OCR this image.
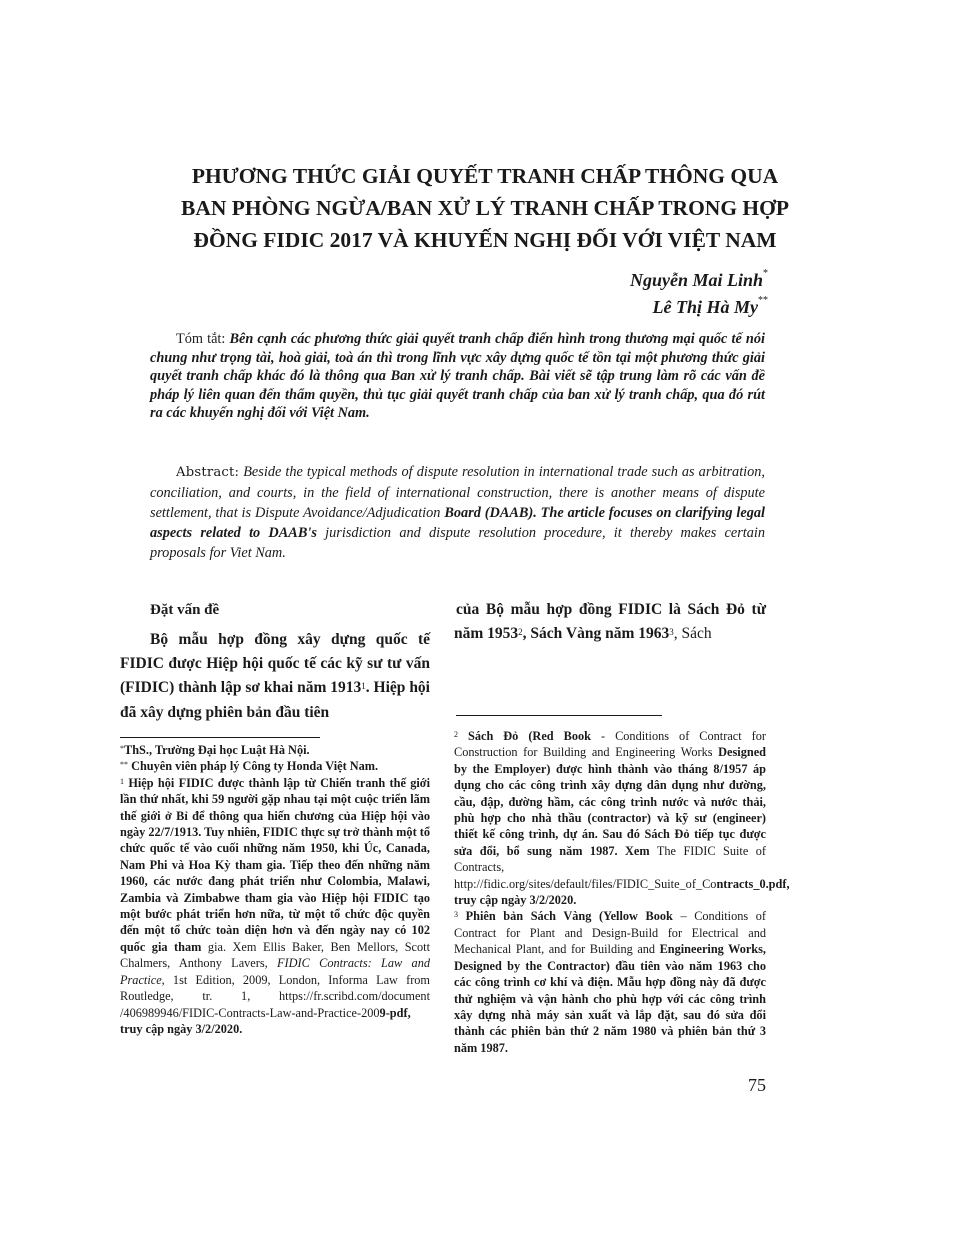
PHƯƠNG THỨC GIẢI QUYẾT TRANH CHẤP THÔNG QUA
BAN PHÒNG NGỪA/BAN XỬ LÝ TRANH CHẤP TRONG HỢP
ĐỒNG FIDIC 2017 VÀ KHUYẾN NGHỊ ĐỐI VỚI VIỆT NAM
Nguyễn Mai Linh*
Lê Thị Hà My**
Tóm tắt: Bên cạnh các phương thức giải quyết tranh chấp điển hình trong thương mại quốc tế nói chung như trọng tài, hoà giải, toà án thì trong lĩnh vực xây dựng quốc tế tồn tại một phương thức giải quyết tranh chấp khác đó là thông qua Ban xử lý tranh chấp. Bài viết sẽ tập trung làm rõ các vấn đề pháp lý liên quan đến thẩm quyền, thủ tục giải quyết tranh chấp của ban xử lý tranh chấp, qua đó rút ra các khuyến nghị đối với Việt Nam.
Abstract: Beside the typical methods of dispute resolution in international trade such as arbitration, conciliation, and courts, in the field of international construction, there is another means of dispute settlement, that is Dispute Avoidance/Adjudication Board (DAAB). The article focuses on clarifying legal aspects related to DAAB's jurisdiction and dispute resolution procedure, it thereby makes certain proposals for Viet Nam.
Đặt vấn đề
Bộ mẫu hợp đồng xây dựng quốc tế FIDIC được Hiệp hội quốc tế các kỹ sư tư vấn (FIDIC) thành lập sơ khai năm 1913$^1$. Hiệp hội đã xây dựng phiên bản đầu tiên
của Bộ mẫu hợp đồng FIDIC là Sách Đỏ từ năm 1953$^2$, Sách Vàng năm 1963$^3$, Sách

*ThS., Trường Đại học Luật Hà Nội.

** Chuyên viên pháp lý Công ty Honda Việt Nam.

$^1$ Hiệp hội FIDIC được thành lập từ Chiến tranh thế giới lần thứ nhất, khi 59 người gặp nhau tại một cuộc triển lãm thế giới ở Bỉ để thông qua hiến chương của Hiệp hội vào ngày 22/7/1913. Tuy nhiên, FIDIC thực sự trở thành một tổ chức quốc tế vào cuối những năm 1950, khi Úc, Canada, Nam Phi và Hoa Kỳ tham gia. Tiếp theo đến những năm 1960, các nước đang phát triển như Colombia, Malawi, Zambia và Zimbabwe tham gia vào Hiệp hội FIDIC tạo một bước phát triển hơn nữa, từ một tổ chức độc quyền đến một tổ chức toàn diện hơn và đến ngày nay có 102 quốc gia tham gia. Xem Ellis Baker, Ben Mellors, Scott Chalmers, Anthony Lavers, FIDIC Contracts: Law and Practice, 1st Edition, 2009, London, Informa Law from Routledge, tr. 1, https://fr.scribd.com/document /406989946/FIDIC-Contracts-Law-and-Practice-2009-pdf, truy cập ngày 3/2/2020.

$^2$ Sách Đỏ (Red Book - Conditions of Contract for Construction for Building and Engineering Works Designed by the Employer) được hình thành vào tháng 8/1957 áp dụng cho các công trình xây dựng dân dụng như đường, cầu, đập, đường hầm, các công trình nước và nước thải, phù hợp cho nhà thầu (contractor) và kỹ sư (engineer) thiết kế công trình, dự án. Sau đó Sách Đỏ tiếp tục được sửa đổi, bổ sung năm 1987. Xem The FIDIC Suite of Contracts, http://fidic.org/sites/default/files/FIDIC_Suite_of_Contracts_0.pdf, truy cập ngày 3/2/2020.

$^3$ Phiên bản Sách Vàng (Yellow Book – Conditions of Contract for Plant and Design-Build for Electrical and Mechanical Plant, and for Building and Engineering Works, Designed by the Contractor) đầu tiên vào năm 1963 cho các công trình cơ khí và điện. Mẫu hợp đồng này đã được thử nghiệm và vận hành cho phù hợp với các công trình xây dựng nhà máy sản xuất và lắp đặt, sau đó sửa đổi thành các phiên bản thứ 2 năm 1980 và phiên bản thứ 3 năm 1987.

75
